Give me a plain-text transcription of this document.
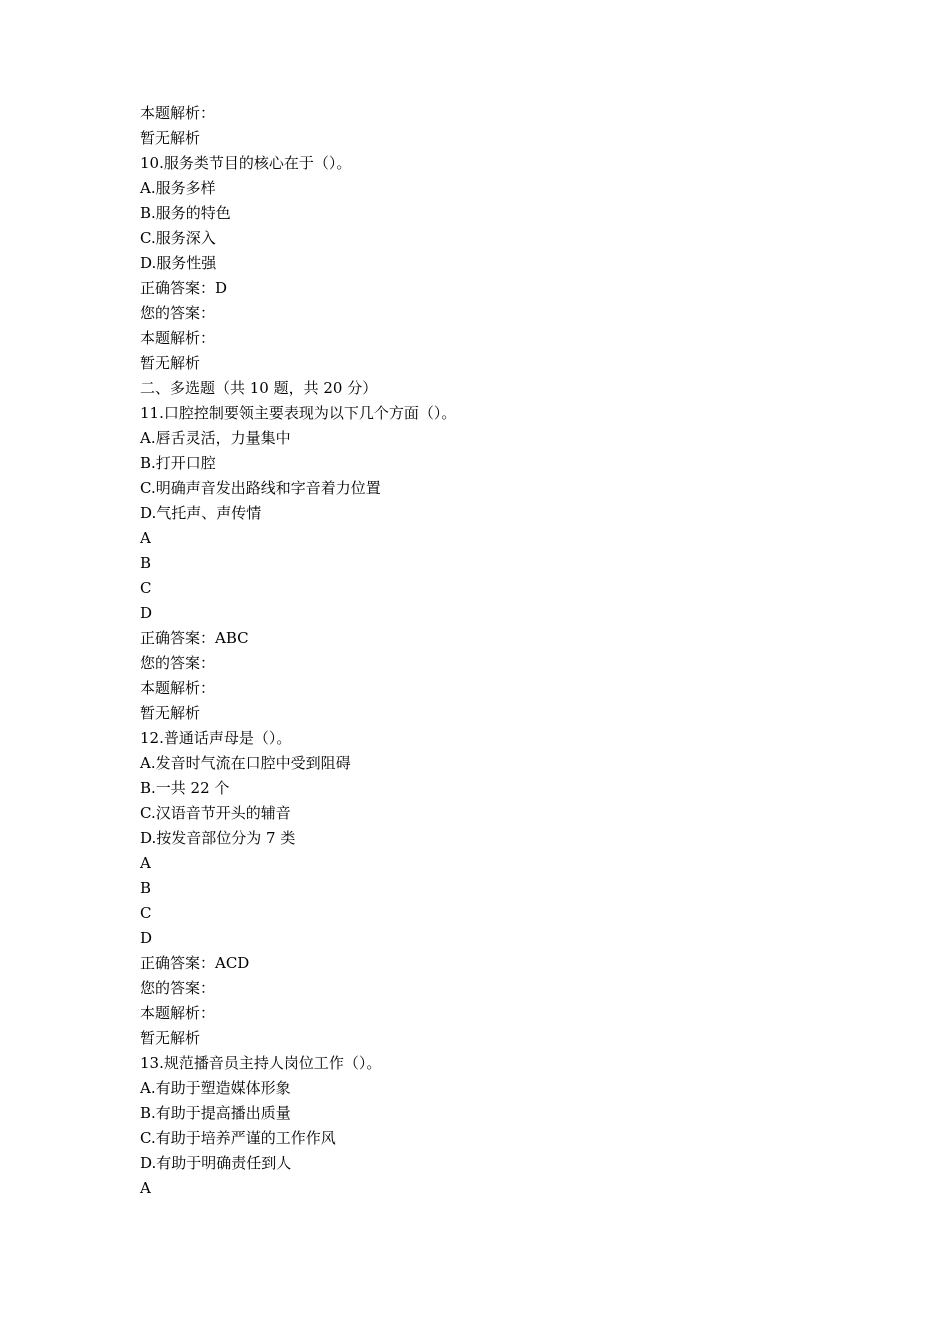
本题解析：
暂无解析
10.服务类节目的核心在于（）。
A.服务多样
B.服务的特色
C.服务深入
D.服务性强
正确答案：D
您的答案：
本题解析：
暂无解析
二、多选题（共 10 题，共 20 分）
11.口腔控制要领主要表现为以下几个方面（）。
A.唇舌灵活，力量集中
B.打开口腔
C.明确声音发出路线和字音着力位置
D.气托声、声传情
A
B
C
D
正确答案：ABC
您的答案：
本题解析：
暂无解析
12.普通话声母是（）。
A.发音时气流在口腔中受到阻碍
B.一共 22 个
C.汉语音节开头的辅音
D.按发音部位分为 7 类
A
B
C
D
正确答案：ACD
您的答案：
本题解析：
暂无解析
13.规范播音员主持人岗位工作（）。
A.有助于塑造媒体形象
B.有助于提高播出质量
C.有助于培养严谨的工作作风
D.有助于明确责任到人
A
